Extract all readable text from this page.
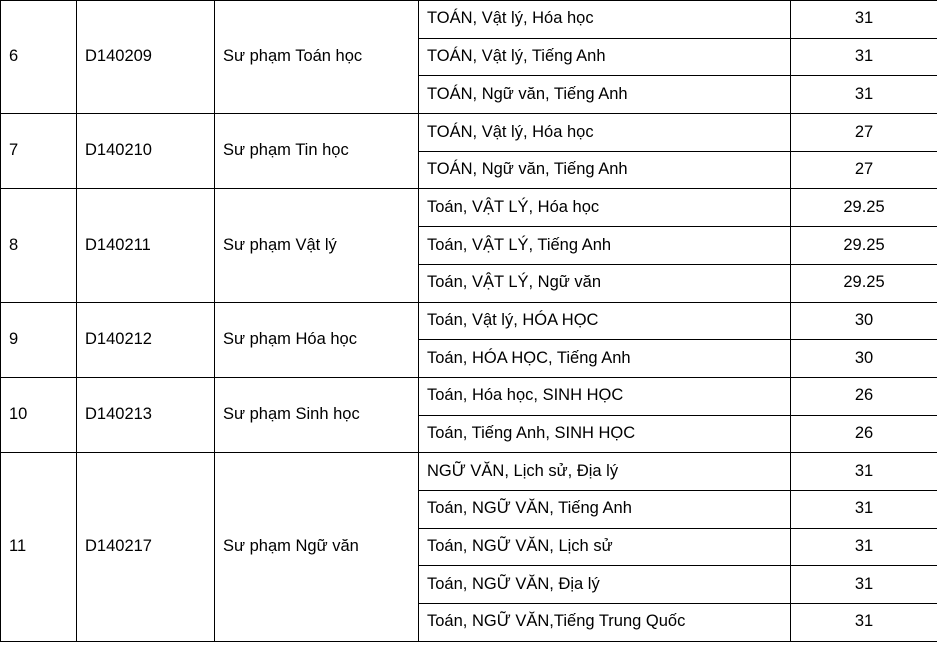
6	D140209	Sư phạm Toán học	TOÁN, Vật lý, Hóa học	31
			TOÁN, Vật lý, Tiếng Anh	31
			TOÁN, Ngữ văn, Tiếng Anh	31
7	D140210	Sư phạm Tin học	TOÁN, Vật lý, Hóa học	27
			TOÁN, Ngữ văn, Tiếng Anh	27
8	D140211	Sư phạm Vật lý	Toán, VẬT LÝ, Hóa học	29.25
			Toán, VẬT LÝ, Tiếng Anh	29.25
			Toán, VẬT LÝ, Ngữ văn	29.25
9	D140212	Sư phạm Hóa học	Toán, Vật lý, HÓA HỌC	30
			Toán, HÓA HỌC, Tiếng Anh	30
10	D140213	Sư phạm Sinh học	Toán, Hóa học, SINH HỌC	26
			Toán, Tiếng Anh, SINH HỌC	26
11	D140217	Sư phạm Ngữ văn	NGỮ VĂN, Lịch sử, Địa lý	31
			Toán, NGỮ VĂN, Tiếng Anh	31
			Toán, NGỮ VĂN, Lịch sử	31
			Toán, NGỮ VĂN, Địa lý	31
			Toán, NGỮ VĂN,Tiếng Trung Quốc	31
